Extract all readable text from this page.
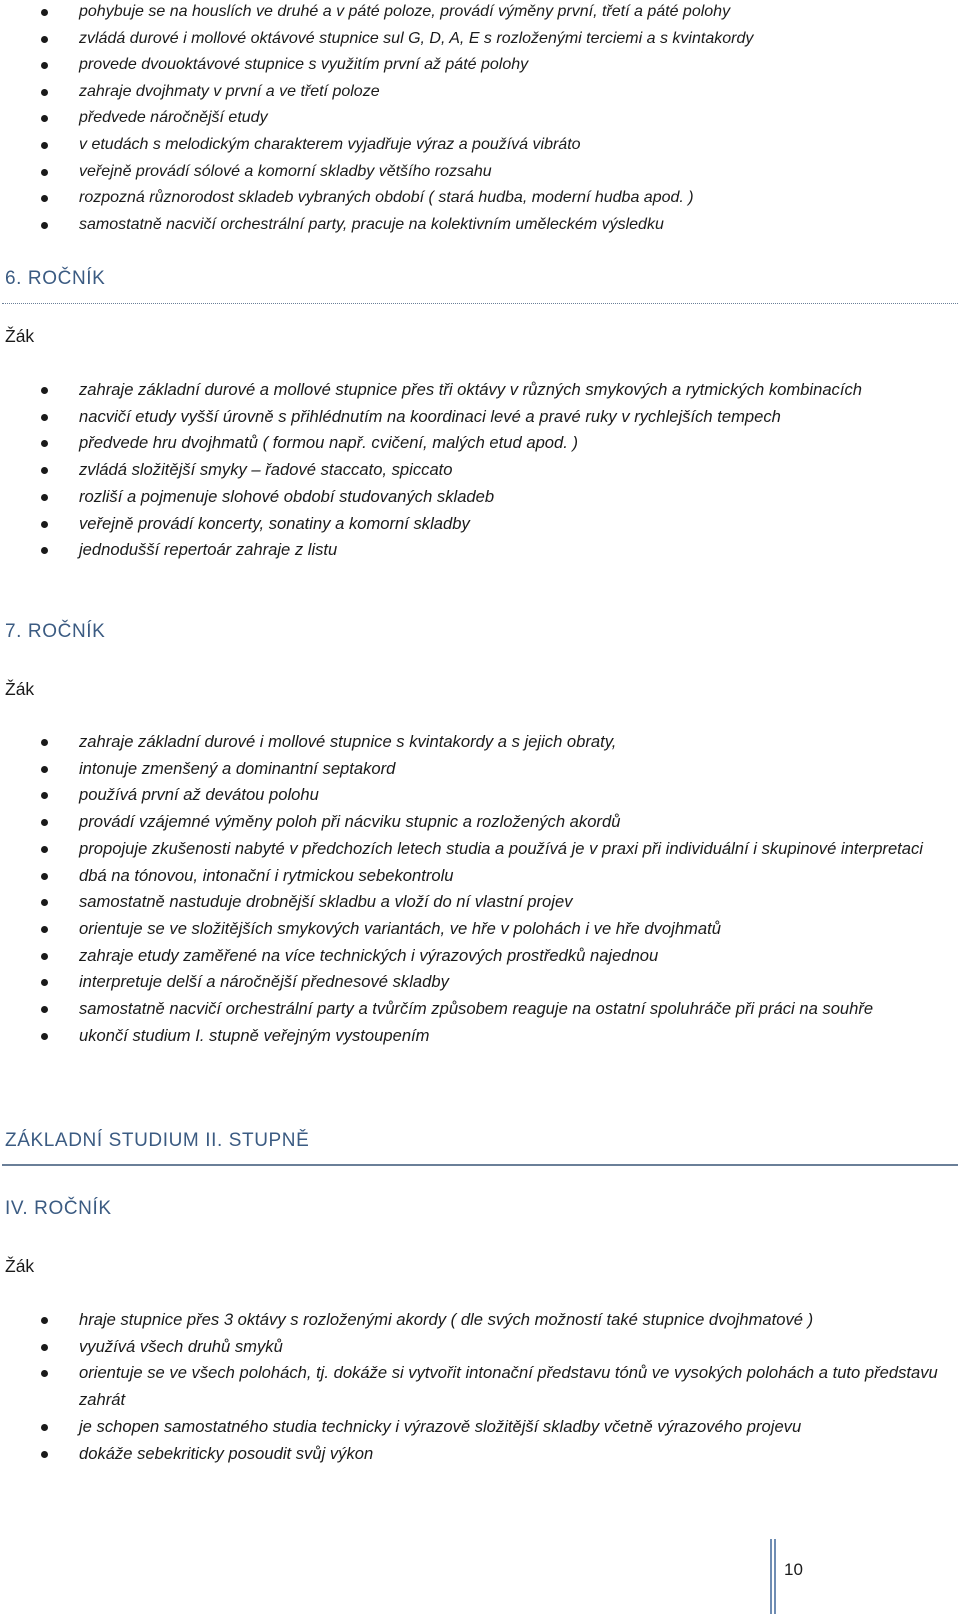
pohybuje se na houslích ve druhé a v páté poloze, provádí výměny první, třetí a páté polohy
zvládá durové i mollové oktávové stupnice sul G, D, A, E s rozloženými terciemi a s kvintakordy
provede dvouoktávové stupnice s využitím první až páté polohy
zahraje dvojhmaty v první a ve třetí poloze
předvede náročnější etudy
v etudách s melodickým charakterem vyjadřuje výraz a používá vibráto
veřejně provádí sólové a komorní skladby většího rozsahu
rozpozná různorodost skladeb vybraných období ( stará hudba, moderní hudba apod. )
samostatně nacvičí orchestrální party, pracuje na kolektivním uměleckém výsledku
6. ROČNÍK
Žák
zahraje základní durové a mollové stupnice přes tři oktávy v různých smykových a rytmických kombinacích
nacvičí etudy vyšší úrovně s přihlédnutím na koordinaci levé a pravé ruky v rychlejších tempech
předvede hru dvojhmatů ( formou např. cvičení, malých etud apod. )
zvládá složitější smyky – řadové staccato, spiccato
rozliší a pojmenuje slohové období studovaných skladeb
veřejně provádí koncerty, sonatiny a komorní skladby
jednodušší repertoár zahraje z listu
7. ROČNÍK
Žák
zahraje základní durové i mollové stupnice s kvintakordy a s jejich obraty,
intonuje zmenšený a dominantní septakord
používá první až devátou polohu
provádí vzájemné výměny poloh při nácviku stupnic a rozložených akordů
propojuje zkušenosti nabyté v předchozích letech studia a používá je v praxi při individuální i skupinové interpretaci
dbá na tónovou, intonační i rytmickou sebekontrolu
samostatně nastuduje drobnější skladbu a vloží do ní vlastní projev
orientuje se ve složitějších smykových variantách, ve hře v polohách i ve hře dvojhmatů
zahraje etudy zaměřené na více technických i výrazových prostředků najednou
interpretuje delší a náročnější přednesové skladby
samostatně nacvičí orchestrální party a tvůrčím způsobem reaguje na ostatní spoluhráče při práci na souhře
ukončí studium I. stupně veřejným vystoupením
ZÁKLADNÍ STUDIUM II. STUPNĚ
IV. ROČNÍK
Žák
hraje stupnice přes 3 oktávy s rozloženými akordy ( dle svých možností také stupnice dvojhmatové )
využívá všech druhů smyků
orientuje se ve všech polohách, tj. dokáže si vytvořit intonační představu tónů ve vysokých polohách a tuto představu zahrát
je schopen samostatného studia technicky i výrazově složitější skladby včetně výrazového projevu
dokáže sebekriticky posoudit svůj výkon
10
